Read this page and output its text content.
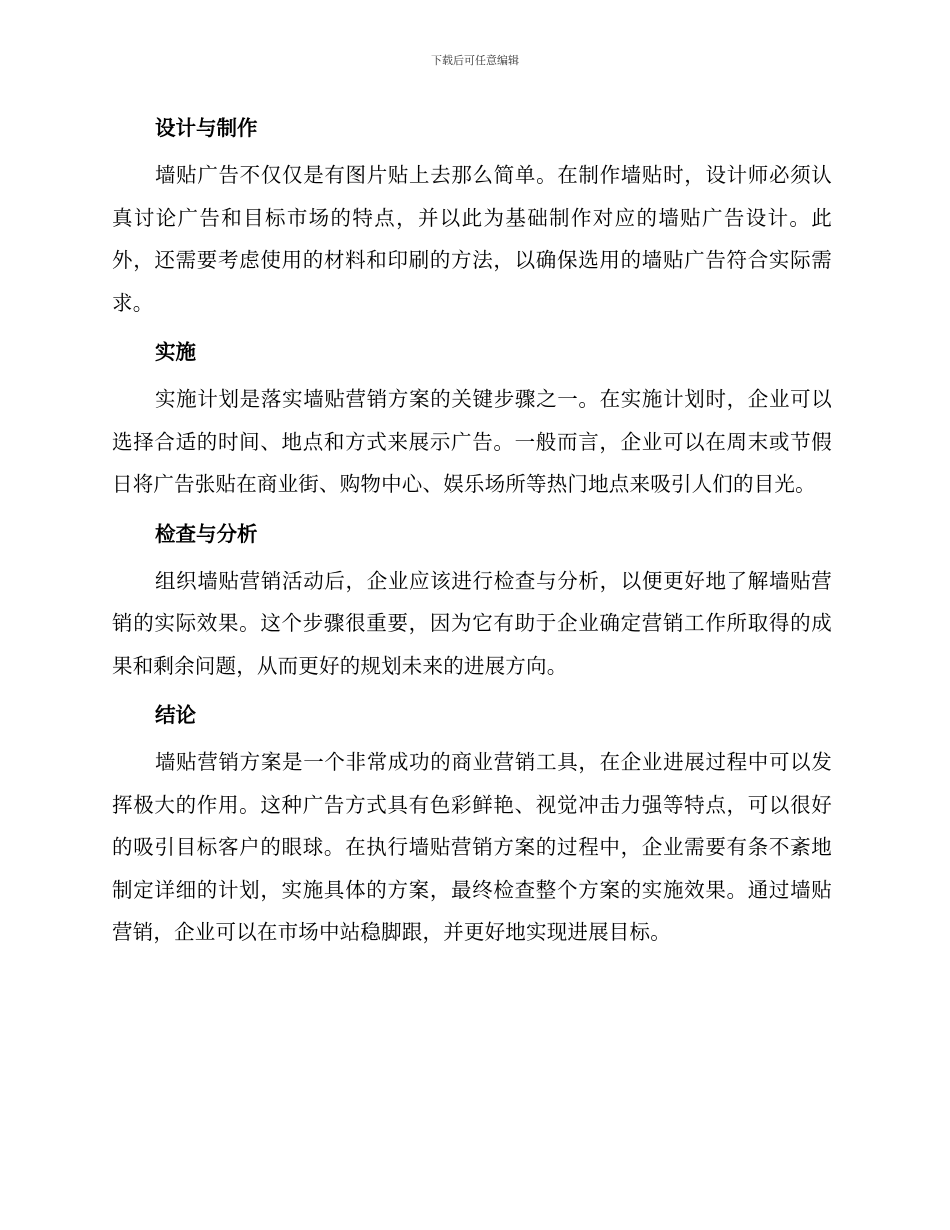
下载后可任意编辑
设计与制作

墙贴广告不仅仅是有图片贴上去那么简单。在制作墙贴时，设计师必须认真讨论广告和目标市场的特点，并以此为基础制作对应的墙贴广告设计。此外，还需要考虑使用的材料和印刷的方法，以确保选用的墙贴广告符合实际需求。

实施

实施计划是落实墙贴营销方案的关键步骤之一。在实施计划时，企业可以选择合适的时间、地点和方式来展示广告。一般而言，企业可以在周末或节假日将广告张贴在商业街、购物中心、娱乐场所等热门地点来吸引人们的目光。

检查与分析

组织墙贴营销活动后，企业应该进行检查与分析，以便更好地了解墙贴营销的实际效果。这个步骤很重要，因为它有助于企业确定营销工作所取得的成果和剩余问题，从而更好的规划未来的进展方向。

结论

墙贴营销方案是一个非常成功的商业营销工具，在企业进展过程中可以发挥极大的作用。这种广告方式具有色彩鲜艳、视觉冲击力强等特点，可以很好的吸引目标客户的眼球。在执行墙贴营销方案的过程中，企业需要有条不紊地制定详细的计划，实施具体的方案，最终检查整个方案的实施效果。通过墙贴营销，企业可以在市场中站稳脚跟，并更好地实现进展目标。
